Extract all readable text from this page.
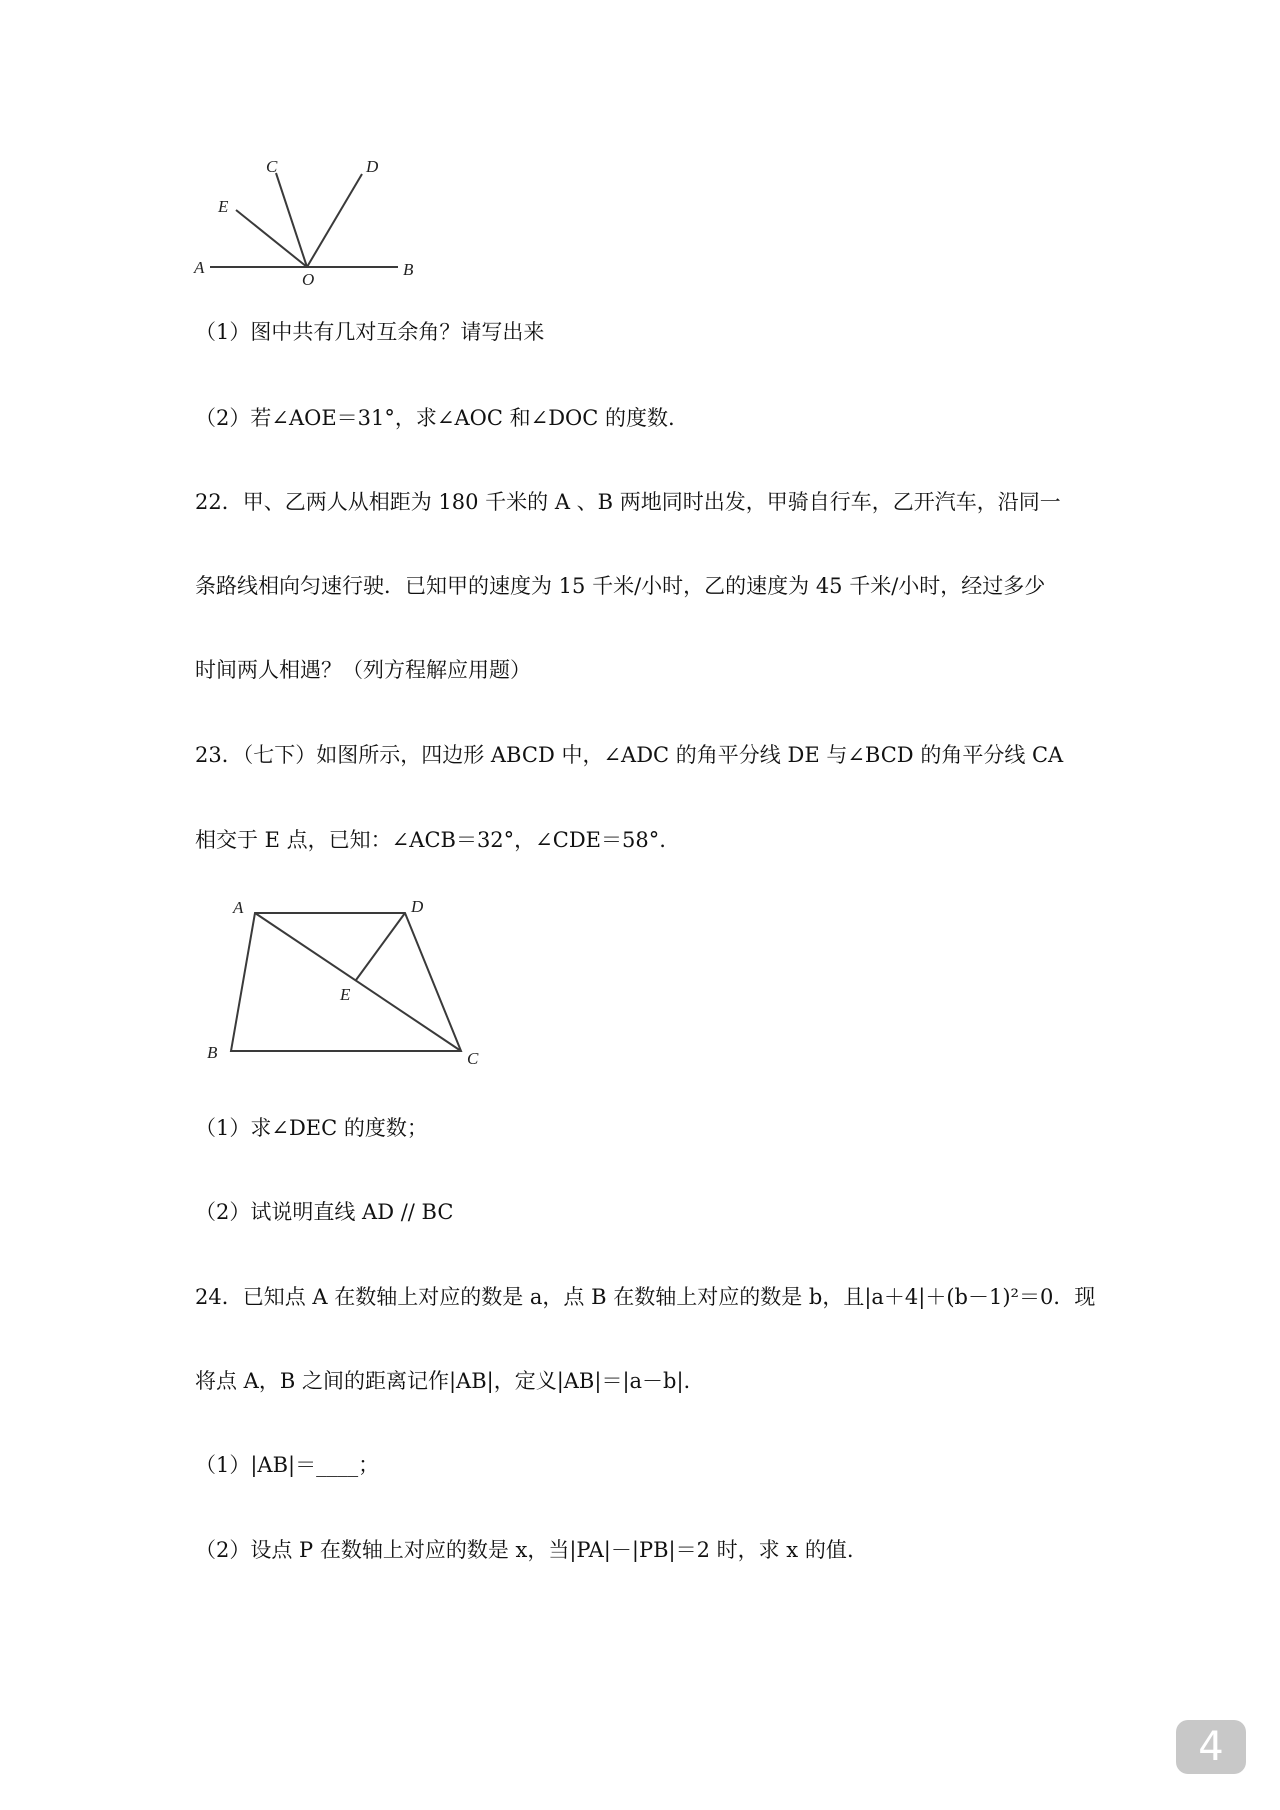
C	D
E
A
O
B

（1）图中共有几对互余角？请写出来

（2）若∠AOE＝31°，求∠AOC 和∠DOC 的度数.

22．甲、乙两人从相距为 180 千米的 A 、B 两地同时出发，甲骑自行车，乙开汽车，沿同一

条路线相向匀速行驶．已知甲的速度为 15 千米/小时，乙的速度为 45 千米/小时，经过多少

时间两人相遇？（列方程解应用题）

23．（七下）如图所示，四边形 ABCD 中，∠ADC 的角平分线 DE 与∠BCD 的角平分线 CA

相交于 E 点，已知：∠ACB＝32°，∠CDE＝58°.

A	D
E
B	C

（1）求∠DEC 的度数；

（2）试说明直线 AD // BC

24．已知点 A 在数轴上对应的数是 a，点 B 在数轴上对应的数是 b，且|a＋4|＋(b－1)²＝0．现

将点 A，B 之间的距离记作|AB|，定义|AB|＝|a－b|.

（1）|AB|＝____；

（2）设点 P 在数轴上对应的数是 x，当|PA|－|PB|＝2 时，求 x 的值.

4
